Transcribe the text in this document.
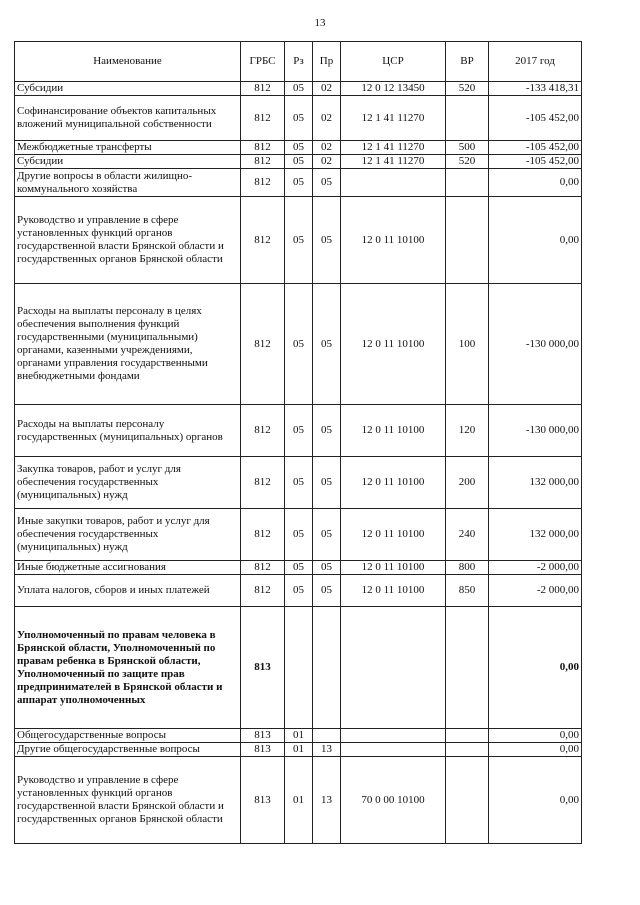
13
Наименование	ГРБС	Рз	Пр	ЦСР	ВР	2017 год
Субсидии	812	05	02	12 0 12 13450	520	-133 418,31
Софинансирование объектов капитальных вложений муниципальной собственности	812	05	02	12 1 41 11270		-105 452,00
Межбюджетные трансферты	812	05	02	12 1 41 11270	500	-105 452,00
Субсидии	812	05	02	12 1 41 11270	520	-105 452,00
Другие вопросы в области жилищно-коммунального хозяйства	812	05	05			0,00
Руководство и управление в сфере установленных функций органов государственной власти Брянской области и государственных органов Брянской области	812	05	05	12 0 11 10100		0,00
Расходы на выплаты персоналу в целях обеспечения выполнения функций государственными (муниципальными) органами, казенными учреждениями, органами управления государственными внебюджетными фондами	812	05	05	12 0 11 10100	100	-130 000,00
Расходы на выплаты персоналу государственных (муниципальных) органов	812	05	05	12 0 11 10100	120	-130 000,00
Закупка товаров, работ и услуг для обеспечения государственных (муниципальных) нужд	812	05	05	12 0 11 10100	200	132 000,00
Иные закупки товаров, работ и услуг для обеспечения государственных (муниципальных) нужд	812	05	05	12 0 11 10100	240	132 000,00
Иные бюджетные ассигнования	812	05	05	12 0 11 10100	800	-2 000,00
Уплата налогов, сборов и иных платежей	812	05	05	12 0 11 10100	850	-2 000,00
Уполномоченный по правам человека в Брянской области, Уполномоченный по правам ребенка в Брянской области, Уполномоченный по защите прав предпринимателей в Брянской области и аппарат уполномоченных	813					0,00
Общегосударственные вопросы	813	01				0,00
Другие общегосударственные вопросы	813	01	13			0,00
Руководство и управление в сфере установленных функций органов государственной власти Брянской области и государственных органов Брянской области	813	01	13	70 0 00 10100		0,00
